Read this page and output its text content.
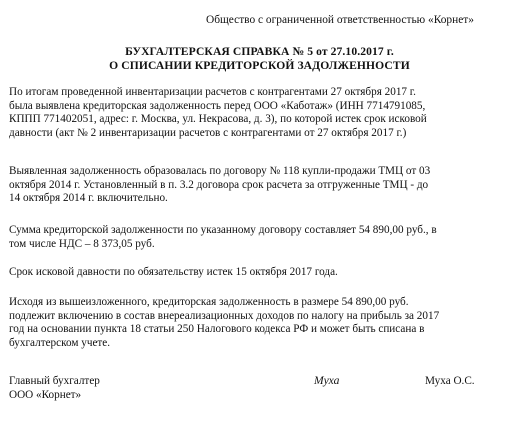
Общество с ограниченной ответственностью «Корнет»
БУХГАЛТЕРСКАЯ СПРАВКА № 5 от 27.10.2017 г.
О СПИСАНИИ КРЕДИТОРСКОЙ ЗАДОЛЖЕННОСТИ
По итогам проведенной инвентаризации расчетов с контрагентами 27 октября 2017 г.
была выявлена кредиторская задолженность перед ООО «Каботаж» (ИНН 7714791085,
КППП 771402051, адрес: г. Москва, ул. Некрасова, д. 3), по которой истек срок исковой
давности (акт № 2 инвентаризации расчетов с контрагентами от 27 октября 2017 г.)
Выявленная задолженность образовалась по договору № 118 купли-продажи ТМЦ от 03
октября 2014 г. Установленный в п. 3.2 договора срок расчета за отгруженные ТМЦ - до
14 октября 2014 г. включительно.
Сумма кредиторской задолженности по указанному договору составляет 54 890,00 руб., в
том числе НДС – 8 373,05 руб.
Срок исковой давности по обязательству истек 15 октября 2017 года.
Исходя из вышеизложенного, кредиторская задолженность в размере 54 890,00 руб.
подлежит включению в состав внереализационных доходов по налогу на прибыль за 2017
год на основании пункта 18 статьи 250 Налогового кодекса РФ и может быть списана в
бухгалтерском учете.
Главный бухгалтер
ООО «Корнет»
Муха	Муха О.С.
